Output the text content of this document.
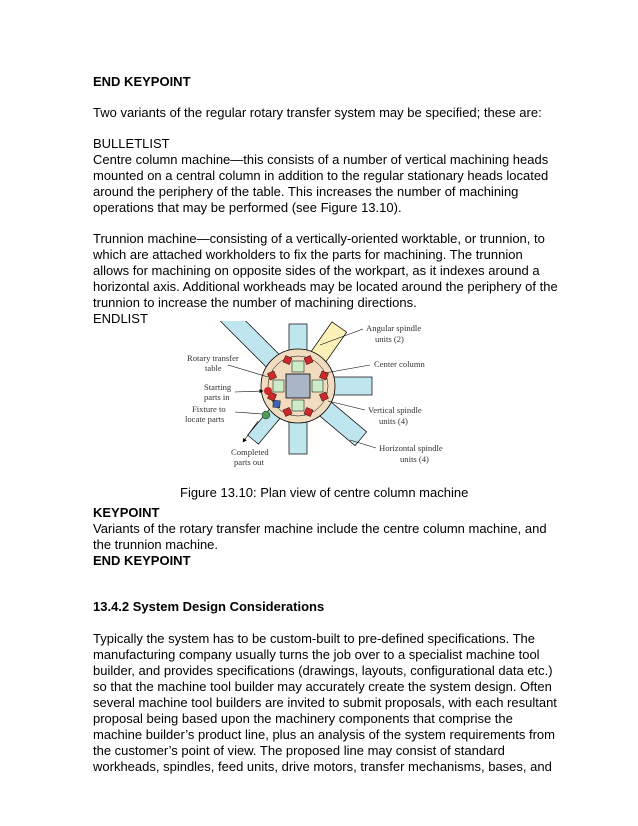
END KEYPOINT

Two variants of the regular rotary transfer system may be specified; these are:

BULLETLIST

Centre column machine—this consists of a number of vertical machining heads
mounted on a central column in addition to the regular stationary heads located
around the periphery of the table. This increases the number of machining
operations that may be performed (see Figure 13.10).

Trunnion machine—consisting of a vertically-oriented worktable, or trunnion, to
which are attached workholders to fix the parts for machining. The trunnion
allows for machining on opposite sides of the workpart, as it indexes around a
horizontal axis. Additional workheads may be located around the periphery of the
trunnion to increase the number of machining directions.

ENDLIST

Angular spindle
units (2)
Rotary transfer
table	Center column
Starting
parts in
Fixture to
locate parts
Vertical spindle
units (4)
Completed
parts out
Horizontal spindle
units (4)

Figure 13.10: Plan view of centre column machine

KEYPOINT

Variants of the rotary transfer machine include the centre column machine, and
the trunnion machine.

END KEYPOINT

13.4.2 System Design Considerations

Typically the system has to be custom-built to pre-defined specifications. The
manufacturing company usually turns the job over to a specialist machine tool
builder, and provides specifications (drawings, layouts, configurational data etc.)
so that the machine tool builder may accurately create the system design. Often
several machine tool builders are invited to submit proposals, with each resultant
proposal being based upon the machinery components that comprise the
machine builder’s product line, plus an analysis of the system requirements from
the customer’s point of view. The proposed line may consist of standard
workheads, spindles, feed units, drive motors, transfer mechanisms, bases, and
